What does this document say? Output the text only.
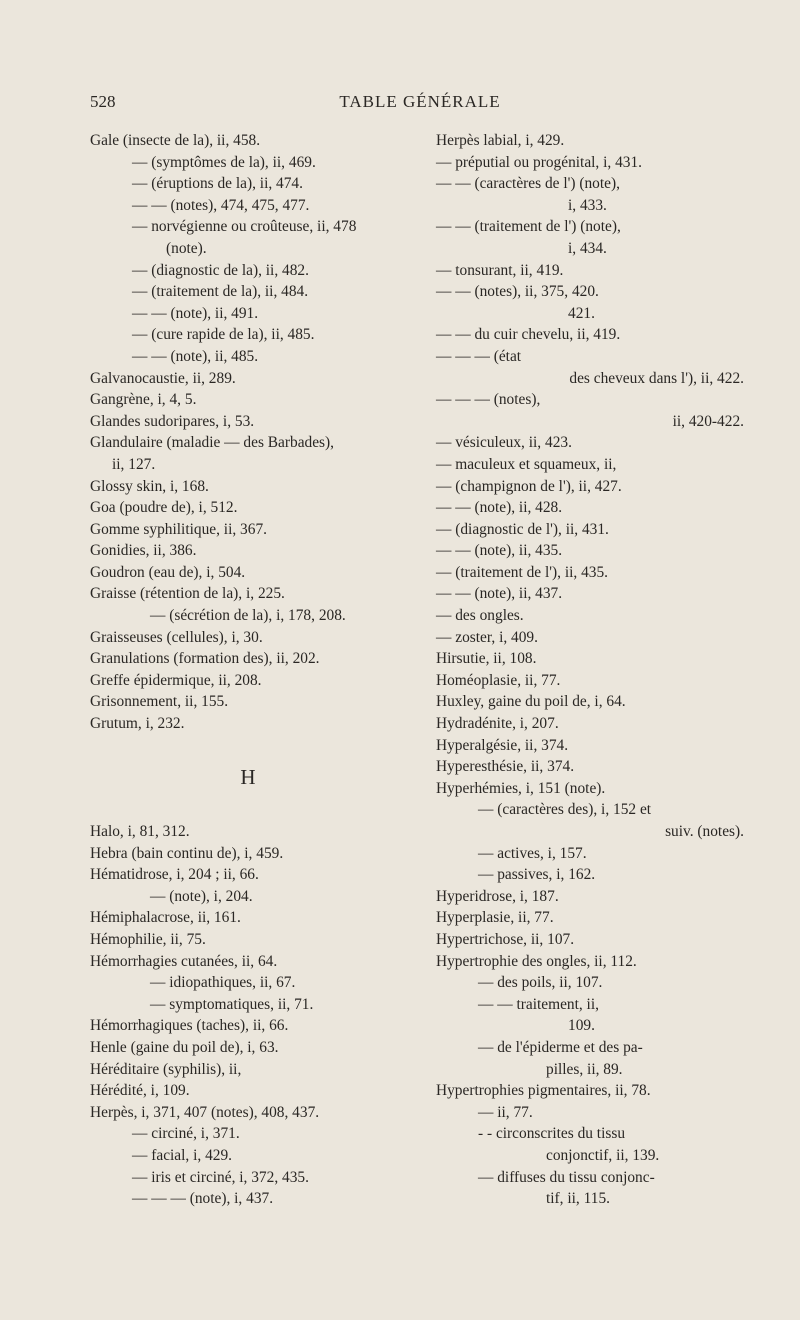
528	TABLE GÉNÉRALE
Gale (insecte de la), ii, 458.
— (symptômes de la), ii, 469.
— (éruptions de la), ii, 474.
— — (notes), 474, 475, 477.
— norvégienne ou croûteuse, ii, 478
(note).
— (diagnostic de la), ii, 482.
— (traitement de la), ii, 484.
— — (note), ii, 491.
— (cure rapide de la), ii, 485.
— — (note), ii, 485.
Galvanocaustie, ii, 289.
Gangrène, i, 4, 5.
Glandes sudoripares, i, 53.
Glandulaire (maladie — des Barbades),
ii, 127.
Glossy skin, i, 168.
Goa (poudre de), i, 512.
Gomme syphilitique, ii, 367.
Gonidies, ii, 386.
Goudron (eau de), i, 504.
Graisse (rétention de la), i, 225.
— (sécrétion de la), i, 178, 208.
Graisseuses (cellules), i, 30.
Granulations (formation des), ii, 202.
Greffe épidermique, ii, 208.
Grisonnement, ii, 155.
Grutum, i, 232.
H
Halo, i, 81, 312.
Hebra (bain continu de), i, 459.
Hématidrose, i, 204 ; ii, 66.
— (note), i, 204.
Hémiphalacrose, ii, 161.
Hémophilie, ii, 75.
Hémorrhagies cutanées, ii, 64.
— idiopathiques, ii, 67.
— symptomatiques, ii, 71.
Hémorrhagiques (taches), ii, 66.
Henle (gaine du poil de), i, 63.
Héréditaire (syphilis), ii,
Hérédité, i, 109.
Herpès, i, 371, 407 (notes), 408, 437.
— circiné, i, 371.
— facial, i, 429.
— iris et circiné, i, 372, 435.
— — — (note), i, 437.
Herpès labial, i, 429.
— préputial ou progénital, i, 431.
— — (caractères de l') (note),
i, 433.
— — (traitement de l') (note),
i, 434.
— tonsurant, ii, 419.
— — (notes), ii, 375, 420.
421.
— — du cuir chevelu, ii, 419.
— — — (état
des cheveux dans l'), ii, 422.
— — — (notes),
ii, 420-422.
— vésiculeux, ii, 423.
— maculeux et squameux, ii,
— (champignon de l'), ii, 427.
— — (note), ii, 428.
— (diagnostic de l'), ii, 431.
— — (note), ii, 435.
— (traitement de l'), ii, 435.
— — (note), ii, 437.
— des ongles.
— zoster, i, 409.
Hirsutie, ii, 108.
Homéoplasie, ii, 77.
Huxley, gaine du poil de, i, 64.
Hydradénite, i, 207.
Hyperalgésie, ii, 374.
Hyperesthésie, ii, 374.
Hyperhémies, i, 151 (note).
— (caractères des), i, 152 et
suiv. (notes).
— actives, i, 157.
— passives, i, 162.
Hyperidrose, i, 187.
Hyperplasie, ii, 77.
Hypertrichose, ii, 107.
Hypertrophie des ongles, ii, 112.
— des poils, ii, 107.
— — traitement, ii,
109.
— de l'épiderme et des pa-
pilles, ii, 89.
Hypertrophies pigmentaires, ii, 78.
— ii, 77.
- - circonscrites du tissu
conjonctif, ii, 139.
— diffuses du tissu conjonc-
tif, ii, 115.
